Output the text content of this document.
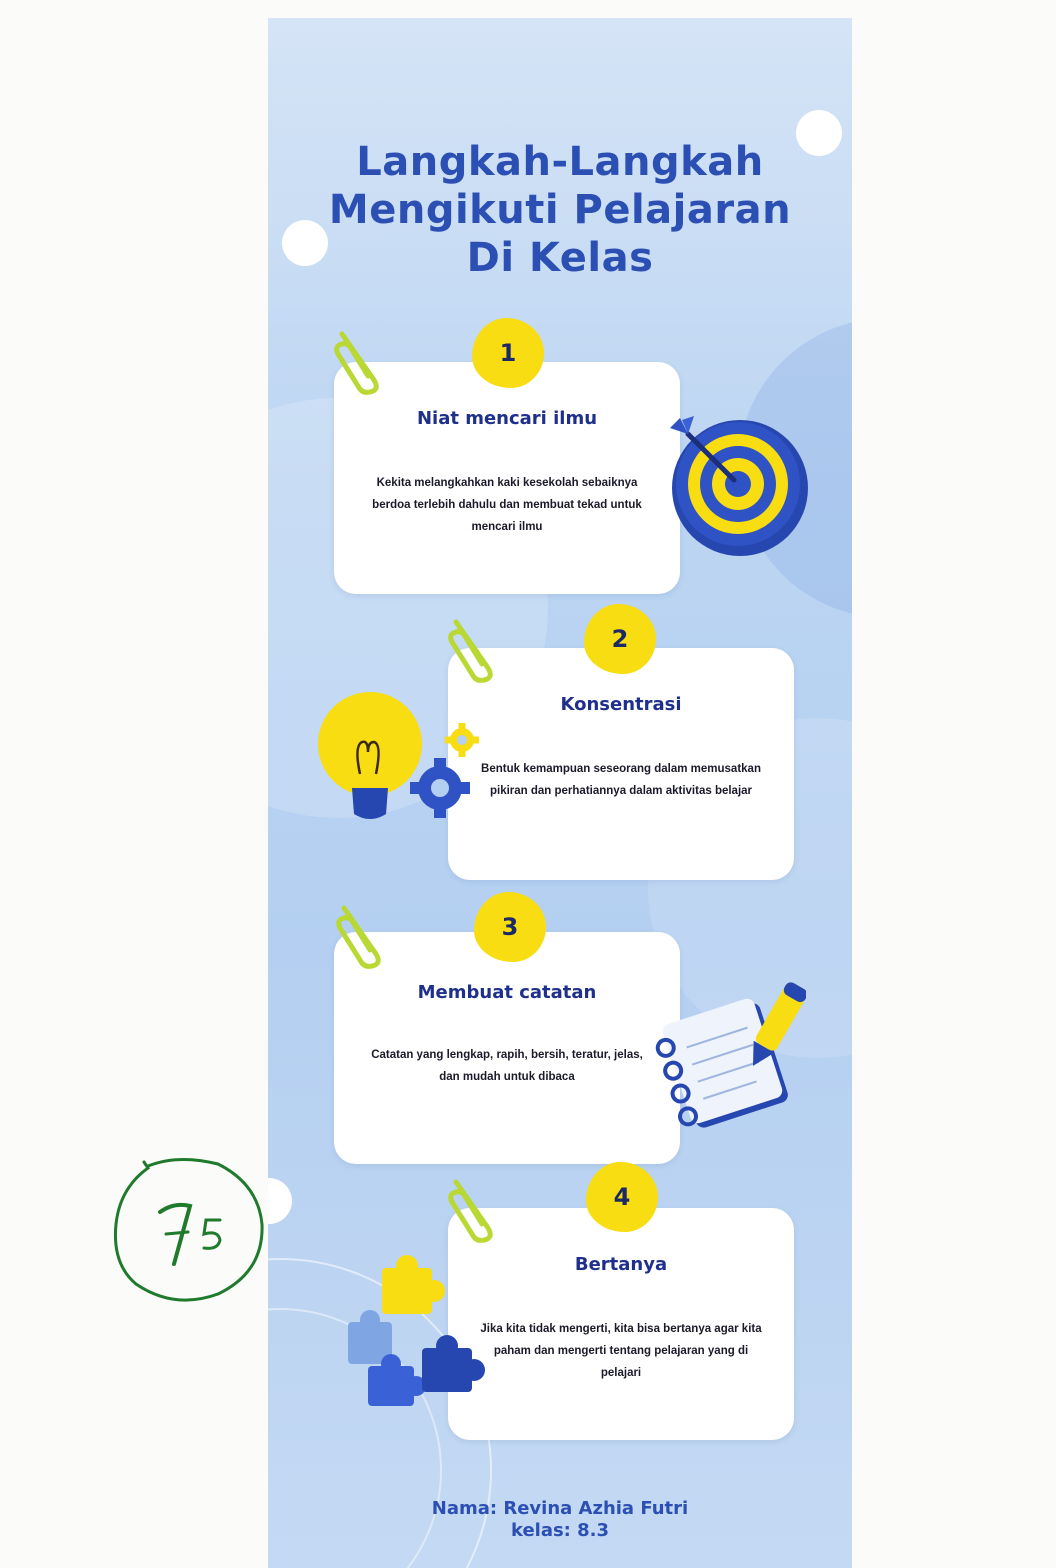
Langkah-Langkah
Mengikuti Pelajaran
Di Kelas
Niat mencari ilmu
Kekita melangkahkan kaki kesekolah sebaiknya berdoa terlebih dahulu dan membuat tekad untuk mencari ilmu
1
Konsentrasi
Bentuk kemampuan seseorang dalam memusatkan pikiran dan perhatiannya dalam aktivitas belajar
2
Membuat catatan
Catatan yang lengkap, rapih, bersih, teratur, jelas, dan mudah untuk dibaca
3
Bertanya
Jika kita tidak mengerti, kita bisa bertanya agar kita paham dan mengerti tentang pelajaran yang di pelajari
4
Nama: Revina Azhia Futri
kelas: 8.3
